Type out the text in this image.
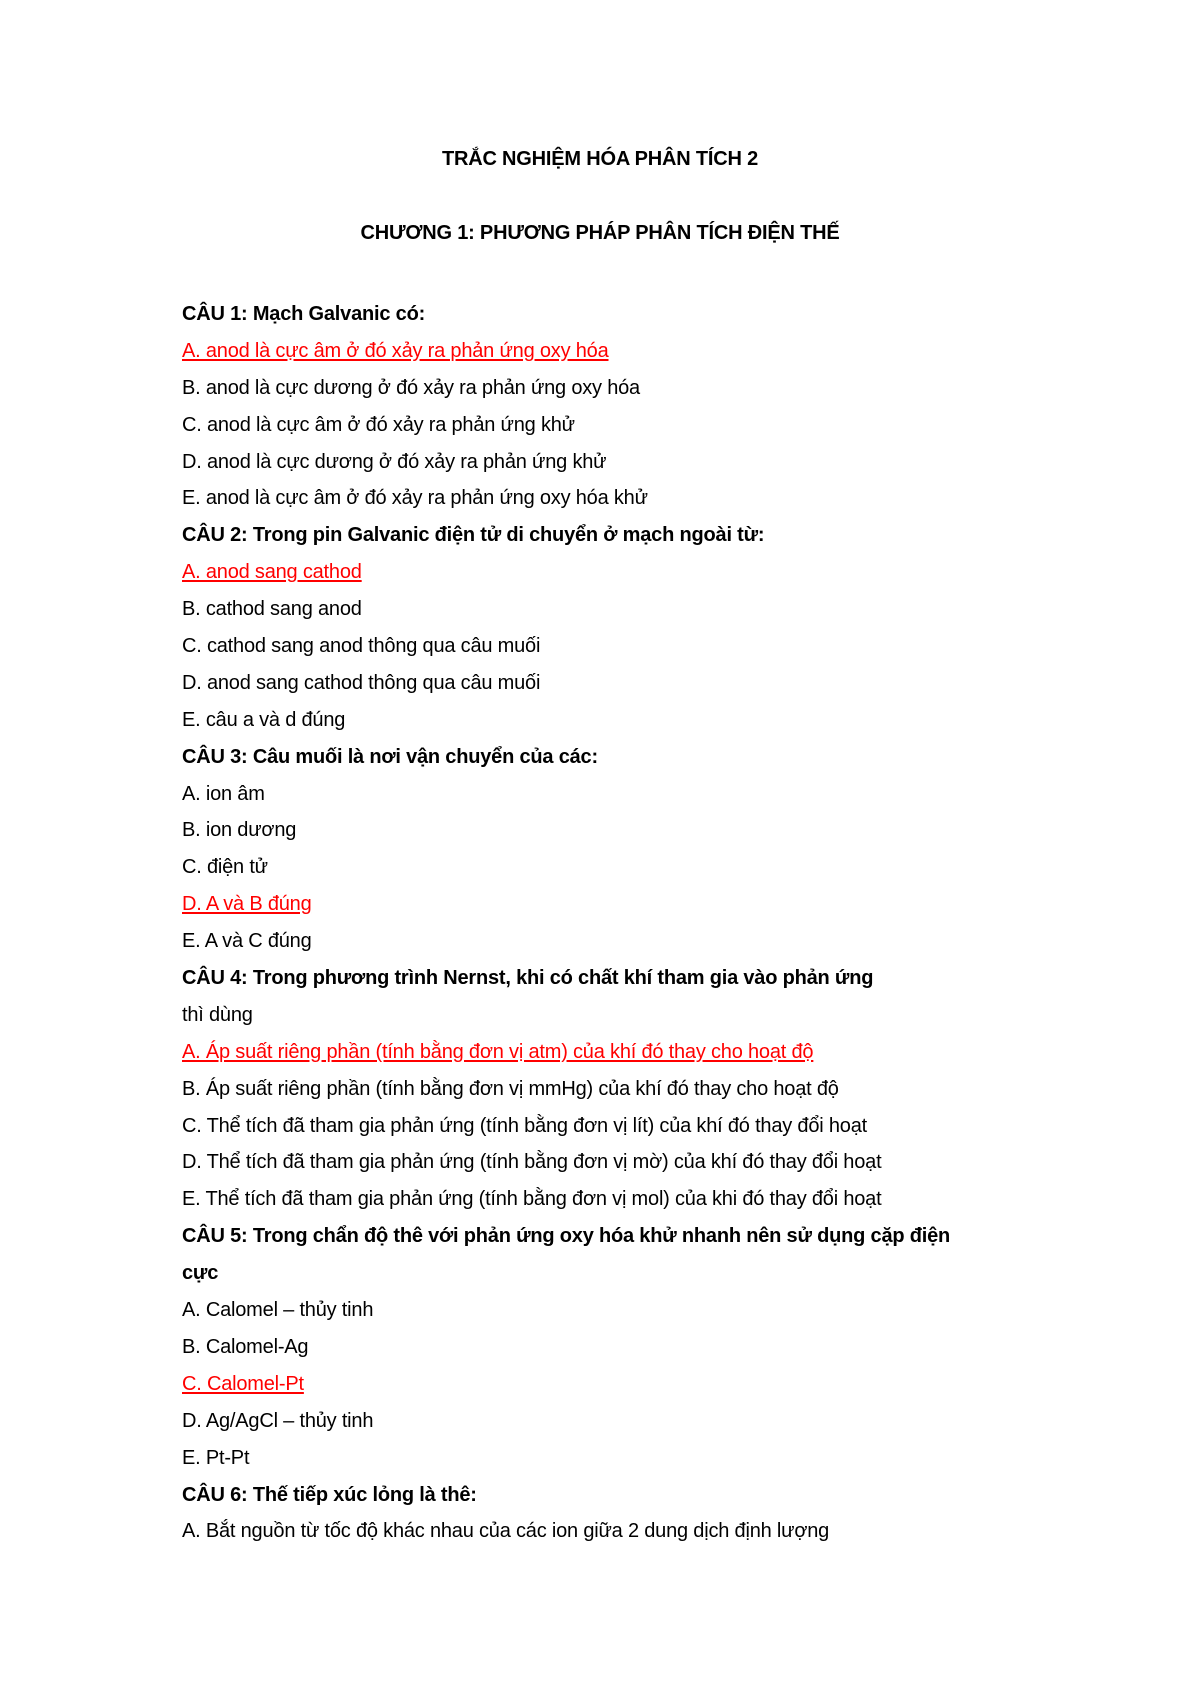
TRẮC NGHIỆM HÓA PHÂN TÍCH 2
CHƯƠNG 1: PHƯƠNG PHÁP PHÂN TÍCH ĐIỆN THẾ
CÂU 1: Mạch Galvanic có:
A. anod là cực âm ở đó xảy ra phản ứng oxy hóa
B. anod là cực dương ở đó xảy ra phản ứng oxy hóa
C. anod là cực âm ở đó xảy ra phản ứng khử
D. anod là cực dương ở đó xảy ra phản ứng khử
E. anod là cực âm ở đó xảy ra phản ứng oxy hóa khử
CÂU 2: Trong pin Galvanic điện tử di chuyển ở mạch ngoài từ:
A. anod sang cathod
B. cathod sang anod
C. cathod sang anod thông qua câu muối
D. anod sang cathod thông qua câu muối
E. câu a và d đúng
CÂU 3: Câu muối là nơi vận chuyển của các:
A. ion âm
B. ion dương
C. điện tử
D. A và B đúng
E. A và C đúng
CÂU 4: Trong phương trình Nernst, khi có chất khí tham gia vào phản ứng
thì dùng
A. Áp suất riêng phần (tính bằng đơn vị atm) của khí đó thay cho hoạt độ
B. Áp suất riêng phần (tính bằng đơn vị mmHg) của khí đó thay cho hoạt độ
C. Thể tích đã tham gia phản ứng (tính bằng đơn vị lít) của khí đó thay đổi hoạt
D. Thể tích đã tham gia phản ứng (tính bằng đơn vị mờ) của khí đó thay đổi hoạt
E. Thể tích đã tham gia phản ứng (tính bằng đơn vị mol) của khi đó thay đổi hoạt
CÂU 5: Trong chẩn độ thê với phản ứng oxy hóa khử nhanh nên sử dụng cặp điện
cực
A. Calomel – thủy tinh
B. Calomel-Ag
C. Calomel-Pt
D. Ag/AgCl – thủy tinh
E. Pt-Pt
CÂU 6: Thế tiếp xúc lỏng là thê:
A. Bắt nguồn từ tốc độ khác nhau của các ion giữa 2 dung dịch định lượng
